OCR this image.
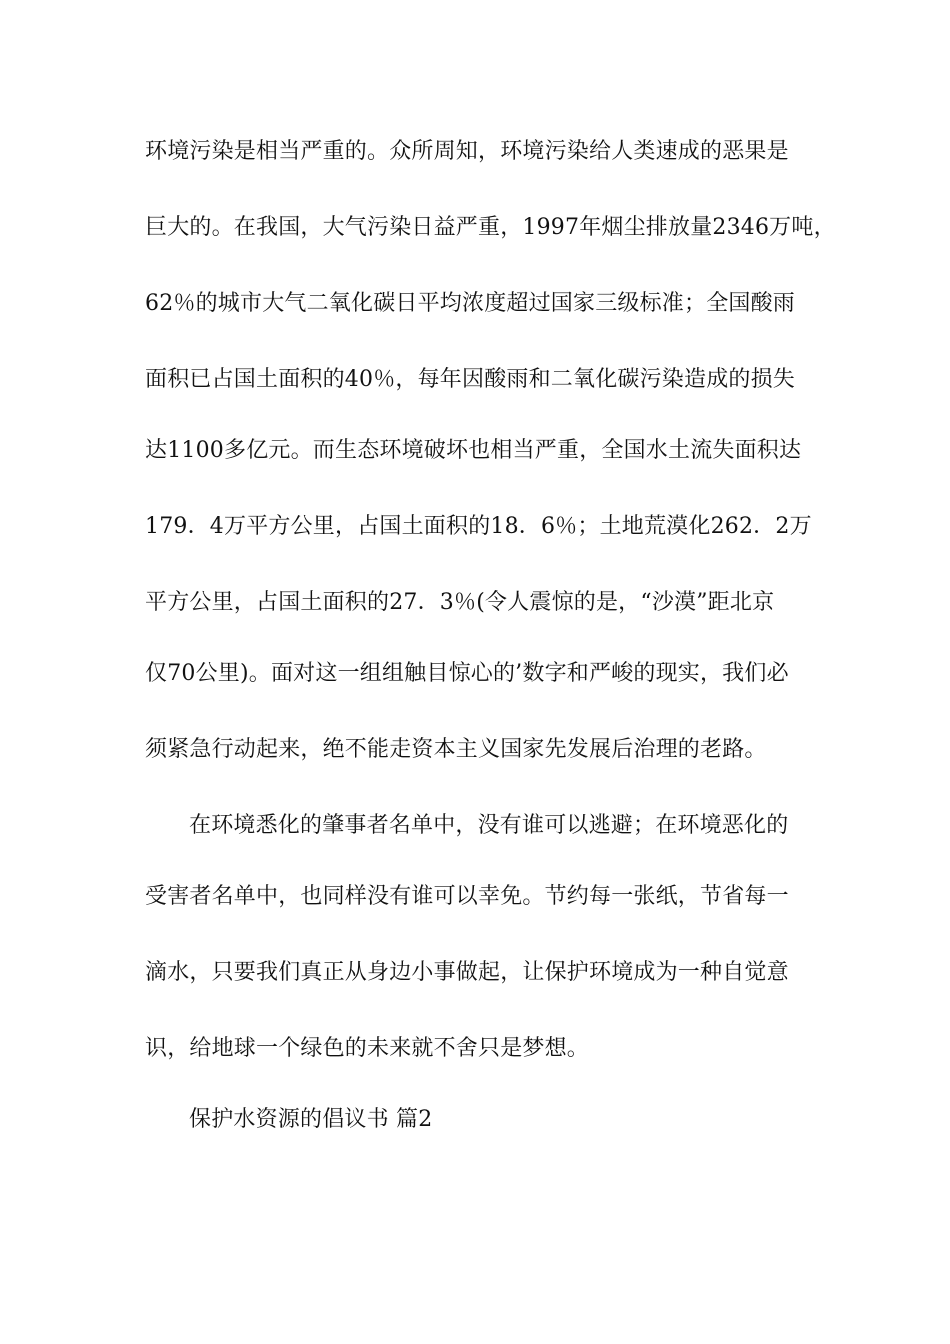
环境污染是相当严重的。众所周知，环境污染给人类速成的恶果是
巨大的。在我国，大气污染日益严重，1997年烟尘排放量2346万吨，
62％的城市大气二氧化碳日平均浓度超过国家三级标准；全国酸雨
面积已占国土面积的40％，每年因酸雨和二氧化碳污染造成的损失
达1100多亿元。而生态环境破坏也相当严重，全国水土流失面积达
179．4万平方公里，占国土面积的18．6％；土地荒漠化262．2万
平方公里，占国土面积的27．3％(令人震惊的是，“沙漠”距北京
仅70公里)。面对这一组组触目惊心的’数字和严峻的现实，我们必
须紧急行动起来，绝不能走资本主义国家先发展后治理的老路。
在环境悉化的肇事者名单中，没有谁可以逃避；在环境恶化的
受害者名单中，也同样没有谁可以幸免。节约每一张纸，节省每一
滴水，只要我们真正从身边小事做起，让保护环境成为一种自觉意
识，给地球一个绿色的未来就不舍只是梦想。
保护水资源的倡议书 篇2
